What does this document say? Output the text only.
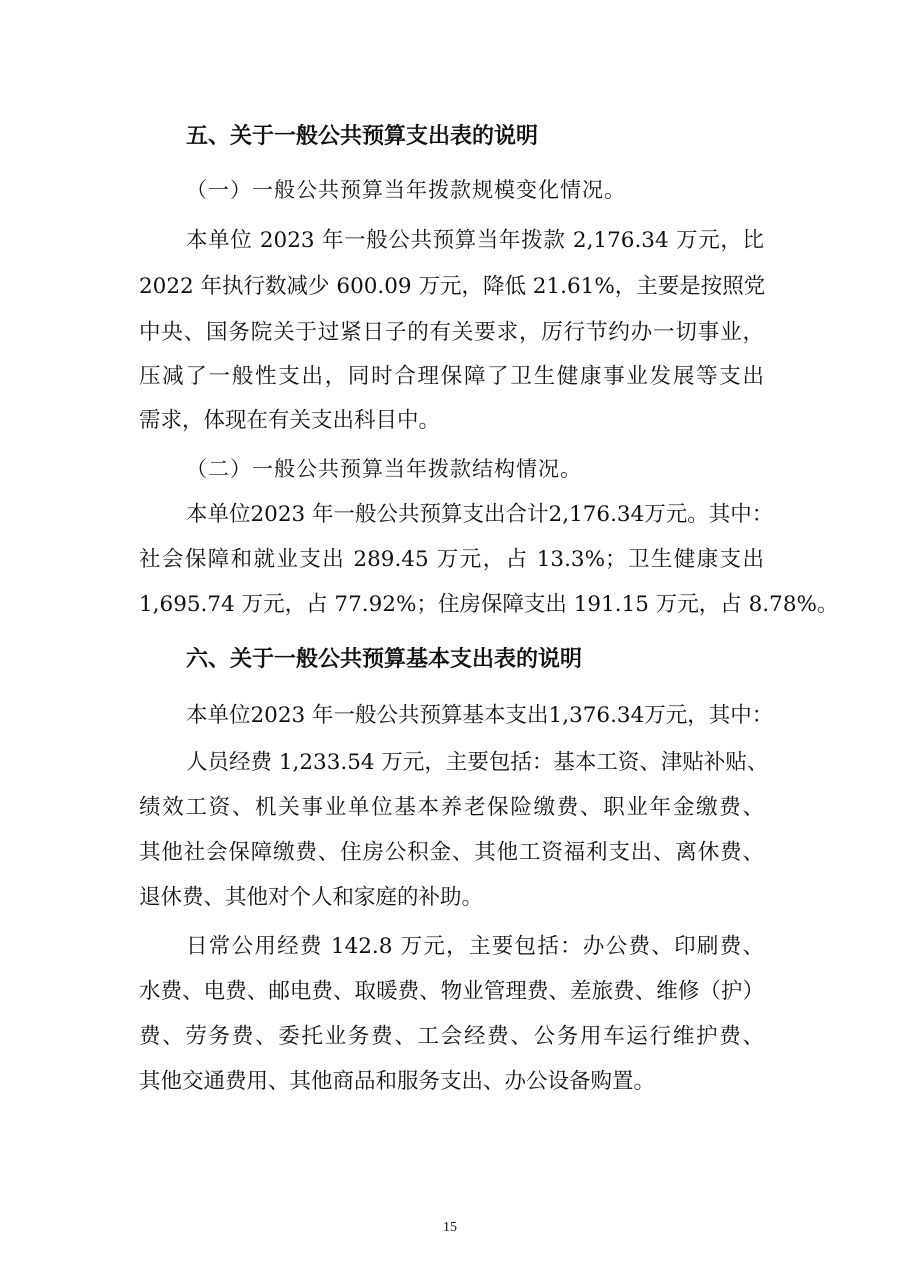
五、关于一般公共预算支出表的说明
（一）一般公共预算当年拨款规模变化情况。
本单位 2023 年一般公共预算当年拨款 2,176.34 万元，比
2022 年执行数减少 600.09 万元，降低 21.61%，主要是按照党
中央、国务院关于过紧日子的有关要求，厉行节约办一切事业，
压减了一般性支出，同时合理保障了卫生健康事业发展等支出
需求，体现在有关支出科目中。
（二）一般公共预算当年拨款结构情况。
本单位2023 年一般公共预算支出合计2,176.34万元。其中：
社会保障和就业支出 289.45 万元，占 13.3%；卫生健康支出
1,695.74 万元，占 77.92%；住房保障支出 191.15 万元，占 8.78%。
六、关于一般公共预算基本支出表的说明
本单位2023 年一般公共预算基本支出1,376.34万元，其中：
人员经费 1,233.54 万元，主要包括：基本工资、津贴补贴、
绩效工资、机关事业单位基本养老保险缴费、职业年金缴费、
其他社会保障缴费、住房公积金、其他工资福利支出、离休费、
退休费、其他对个人和家庭的补助。
日常公用经费 142.8 万元，主要包括：办公费、印刷费、
水费、电费、邮电费、取暖费、物业管理费、差旅费、维修（护）
费、劳务费、委托业务费、工会经费、公务用车运行维护费、
其他交通费用、其他商品和服务支出、办公设备购置。
15
